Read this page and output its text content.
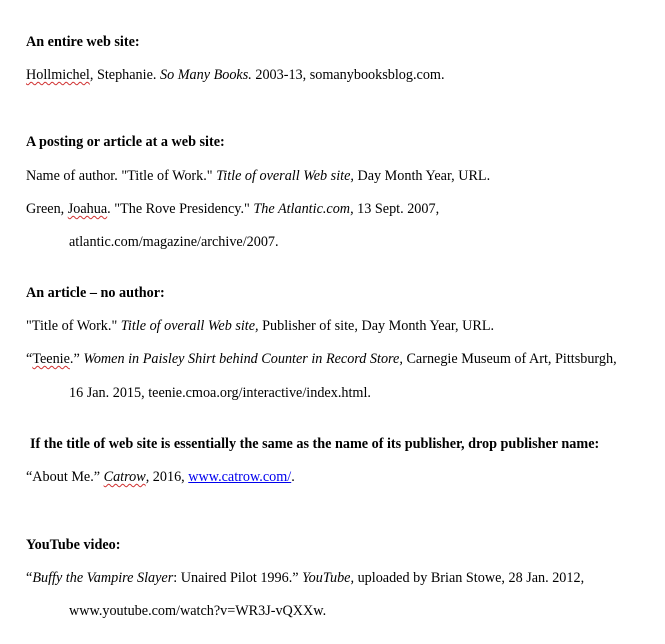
An entire web site:
Hollmichel, Stephanie. So Many Books. 2003-13, somanybooksblog.com.
A posting or article at a web site:
Name of author. "Title of Work." Title of overall Web site, Day Month Year, URL.
Green, Joahua. "The Rove Presidency." The Atlantic.com, 13 Sept. 2007,
atlantic.com/magazine/archive/2007.
An article – no author:
"Title of Work." Title of overall Web site, Publisher of site, Day Month Year, URL.
“Teenie.” Women in Paisley Shirt behind Counter in Record Store, Carnegie Museum of Art, Pittsburgh,
16 Jan. 2015, teenie.cmoa.org/interactive/index.html.
If the title of web site is essentially the same as the name of its publisher, drop publisher name:
“About Me.” Catrow, 2016, www.catrow.com/.
YouTube video:
“Buffy the Vampire Slayer: Unaired Pilot 1996.” YouTube, uploaded by Brian Stowe, 28 Jan. 2012,
www.youtube.com/watch?v=WR3J-vQXXw.
